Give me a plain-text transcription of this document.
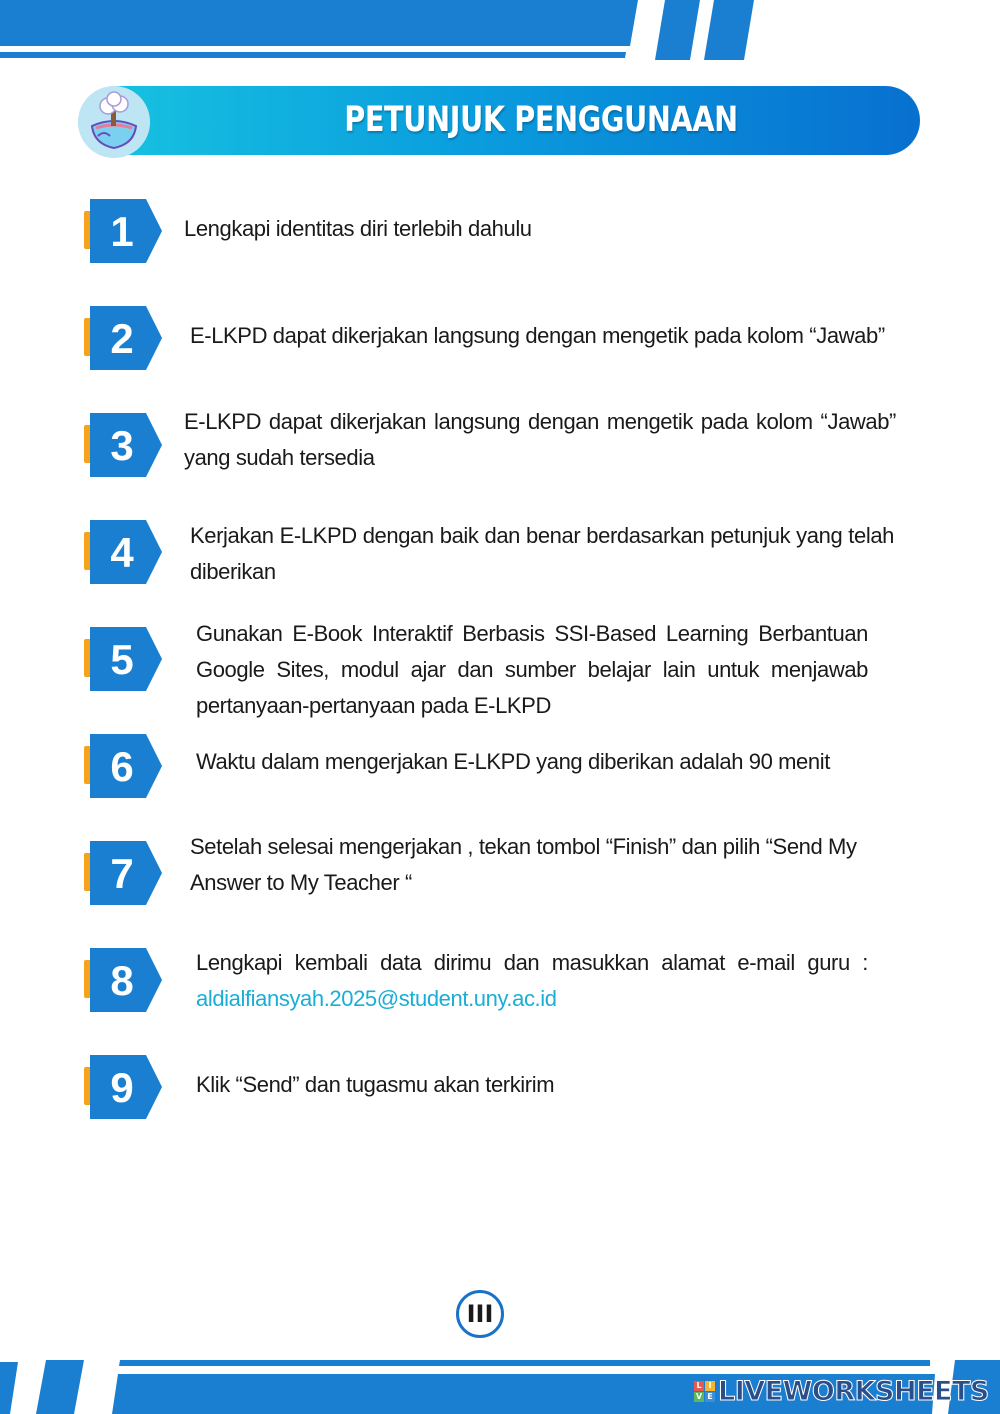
PETUNJUK PENGGUNAAN
1 Lengkapi identitas diri terlebih dahulu
2	E-LKPD dapat dikerjakan langsung dengan mengetik pada kolom “Jawab”
3
E-LKPD dapat dikerjakan langsung dengan mengetik pada kolom “Jawab” yang sudah tersedia
4	Kerjakan E-LKPD dengan baik dan benar berdasarkan petunjuk yang telah diberikan
5
Gunakan E-Book Interaktif Berbasis SSI-Based Learning Berbantuan Google Sites, modul ajar dan sumber belajar lain untuk menjawab pertanyaan-pertanyaan pada E-LKPD
6	Waktu dalam mengerjakan E-LKPD yang diberikan adalah 90 menit
7
Setelah selesai mengerjakan , tekan tombol “Finish” dan pilih “Send My Answer to My Teacher “
8	Lengkapi kembali data dirimu dan masukkan alamat e-mail guru :
aldialfiansyah.2025@student.uny.ac.id
9	Klik “Send” dan tugasmu akan terkirim
III
L I
V E LIVEWORKSHEETS
